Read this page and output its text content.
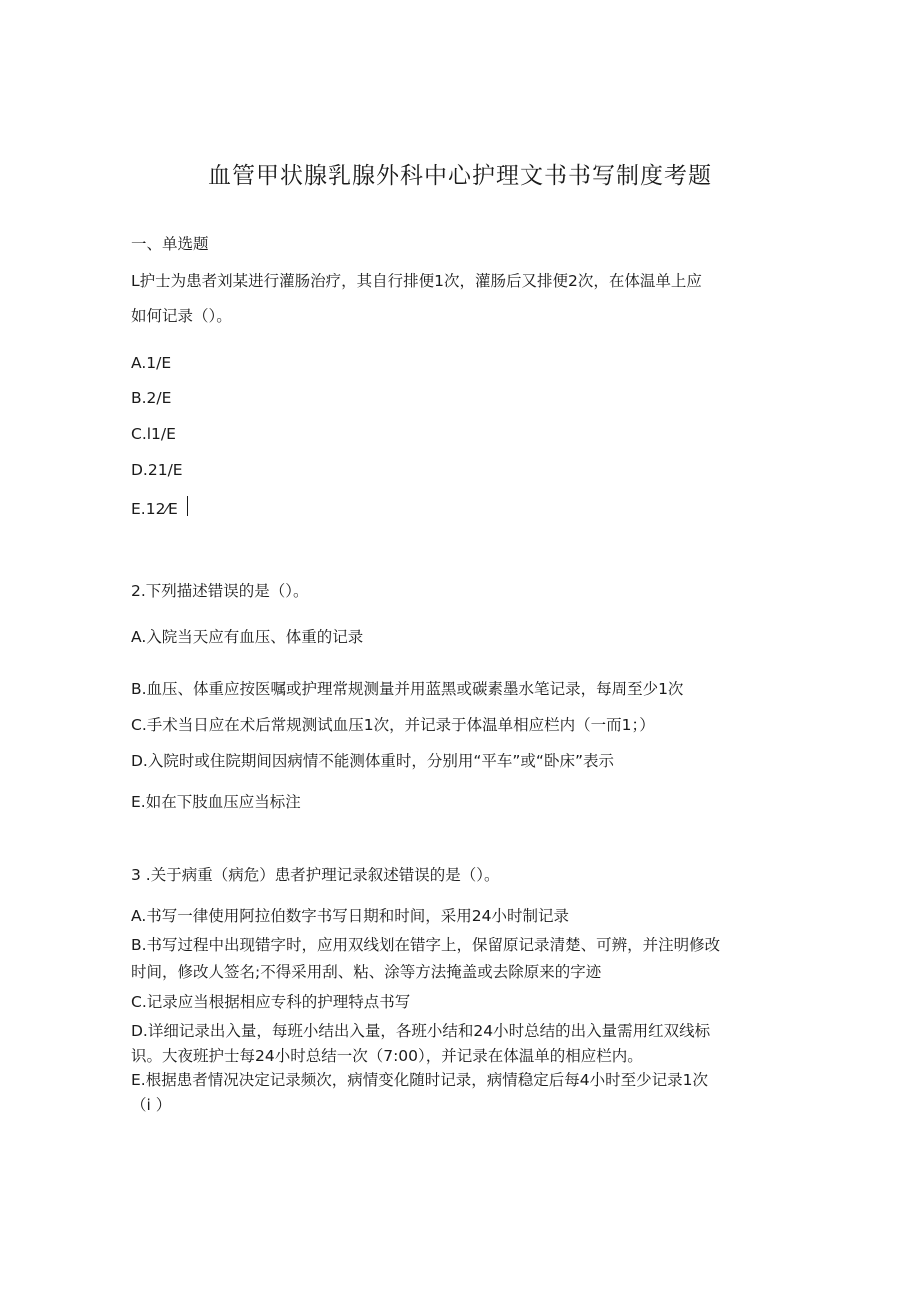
血管甲状腺乳腺外科中心护理文书书写制度考题
一、单选题
L护士为患者刘某进行灌肠治疗，其自行排便1次，灌肠后又排便2次，在体温单上应
如何记录（）。
A.1/E
B.2/E
C.l1/E
D.21/E
E.12⁄E
2.下列描述错误的是（）。
A.入院当天应有血压、体重的记录
B.血压、体重应按医嘱或护理常规测量并用蓝黑或碳素墨水笔记录，每周至少1次
C.手术当日应在术后常规测试血压1次，并记录于体温单相应栏内（一而1；）
D.入院时或住院期间因病情不能测体重时，分别用“平车”或“卧床”表示
E.如在下肢血压应当标注
3 .关于病重（病危）患者护理记录叙述错误的是（）。
A.书写一律使用阿拉伯数字书写日期和时间，采用24小时制记录
B.书写过程中出现错字时，应用双线划在错字上，保留原记录清楚、可辨，并注明修改
时间，修改人签名;不得采用刮、粘、涂等方法掩盖或去除原来的字迹
C.记录应当根据相应专科的护理特点书写
D.详细记录出入量，每班小结出入量，各班小结和24小时总结的出入量需用红双线标
识。大夜班护士每24小时总结一次（7:00），并记录在体温单的相应栏内。
E.根据患者情况决定记录频次，病情变化随时记录，病情稳定后每4小时至少记录1次
（i ）
